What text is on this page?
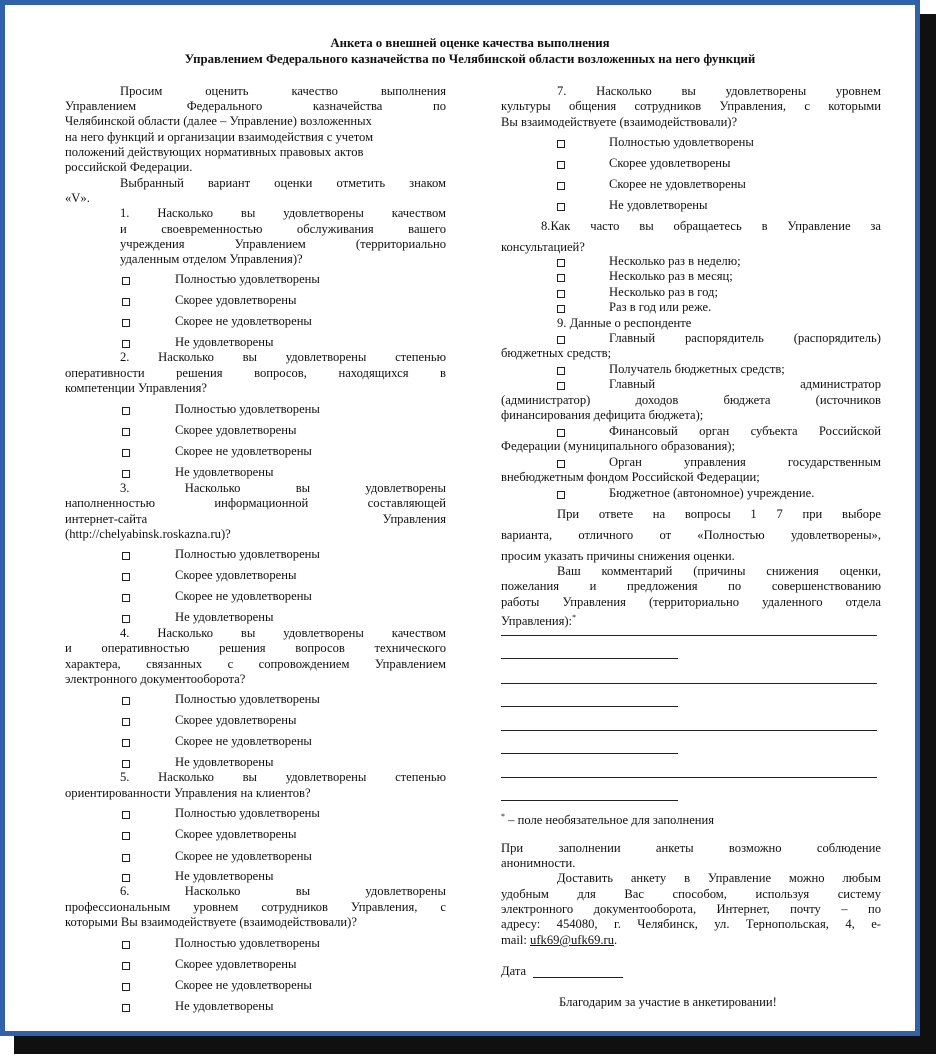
Анкета о внешней оценке качества выполнения
Управлением Федерального казначейства по Челябинской области возложенных на него функций
Просим оценить качество выполнения
Управлением Федерального казначейства по
Челябинской области (далее – Управление) возложенных
на него функций и организации взаимодействия с учетом
положений действующих нормативных правовых актов
российской Федерации.
Выбранный вариант оценки отметить знаком
«V».
1. Насколько вы удовлетворены качеством
и своевременностью обслуживания вашего
учреждения Управлением (территориально
удаленным отделом Управления)?
Полностью удовлетворены
Скорее удовлетворены
Скорее не удовлетворены
Не удовлетворены
2. Насколько вы удовлетворены степенью
оперативности решения вопросов, находящихся в
компетенции Управления?
Полностью удовлетворены
Скорее удовлетворены
Скорее не удовлетворены
Не удовлетворены
3. Насколько вы удовлетворены
наполненностью информационной составляющей
интернет-сайта Управления
(http://chelyabinsk.roskazna.ru)?
Полностью удовлетворены
Скорее удовлетворены
Скорее не удовлетворены
Не удовлетворены
4. Насколько вы удовлетворены качеством
и оперативностью решения вопросов технического
характера, связанных с сопровождением Управлением
электронного документооборота?
Полностью удовлетворены
Скорее удовлетворены
Скорее не удовлетворены
Не удовлетворены
5. Насколько вы удовлетворены степенью
ориентированности Управления на клиентов?
Полностью удовлетворены
Скорее удовлетворены
Скорее не удовлетворены
Не удовлетворены
6. Насколько вы удовлетворены
профессиональным уровнем сотрудников Управления, с
которыми Вы взаимодействуете (взаимодействовали)?
Полностью удовлетворены
Скорее удовлетворены
Скорее не удовлетворены
Не удовлетворены
7. Насколько вы удовлетворены уровнем
культуры общения сотрудников Управления, с которыми
Вы взаимодействуете (взаимодействовали)?
Полностью удовлетворены
Скорее удовлетворены
Скорее не удовлетворены
Не удовлетворены
8.Как часто вы обращаетесь в Управление за
консультацией?
Несколько раз в неделю;
Несколько раз в месяц;
Несколько раз в год;
Раз в год или реже.
9. Данные о респонденте
Главный распорядитель (распорядитель)
бюджетных средств;
Получатель бюджетных средств;
Главный администратор
(администратор) доходов бюджета (источников
финансирования дефицита бюджета);
Финансовый орган субъекта Российской
Федерации (муниципального образования);
Орган управления государственным
внебюджетным фондом Российской Федерации;
Бюджетное (автономное) учреждение.
При ответе на вопросы 1 7 при выборе
варианта, отличного от «Полностью удовлетворены»,
просим указать причины снижения оценки.
Ваш комментарий (причины снижения оценки,
пожелания и предложения по совершенствованию
работы Управления (территориально удаленного отдела
Управления):*
* – поле необязательное для заполнения
При заполнении анкеты возможно соблюдение
анонимности.
Доставить анкету в Управление можно любым
удобным для Вас способом, используя систему
электронного документооборота, Интернет, почту – по
адресу: 454080, г. Челябинск, ул. Тернопольская, 4, е-
mail: ufk69@ufk69.ru.
Дата
Благодарим за участие в анкетировании!
